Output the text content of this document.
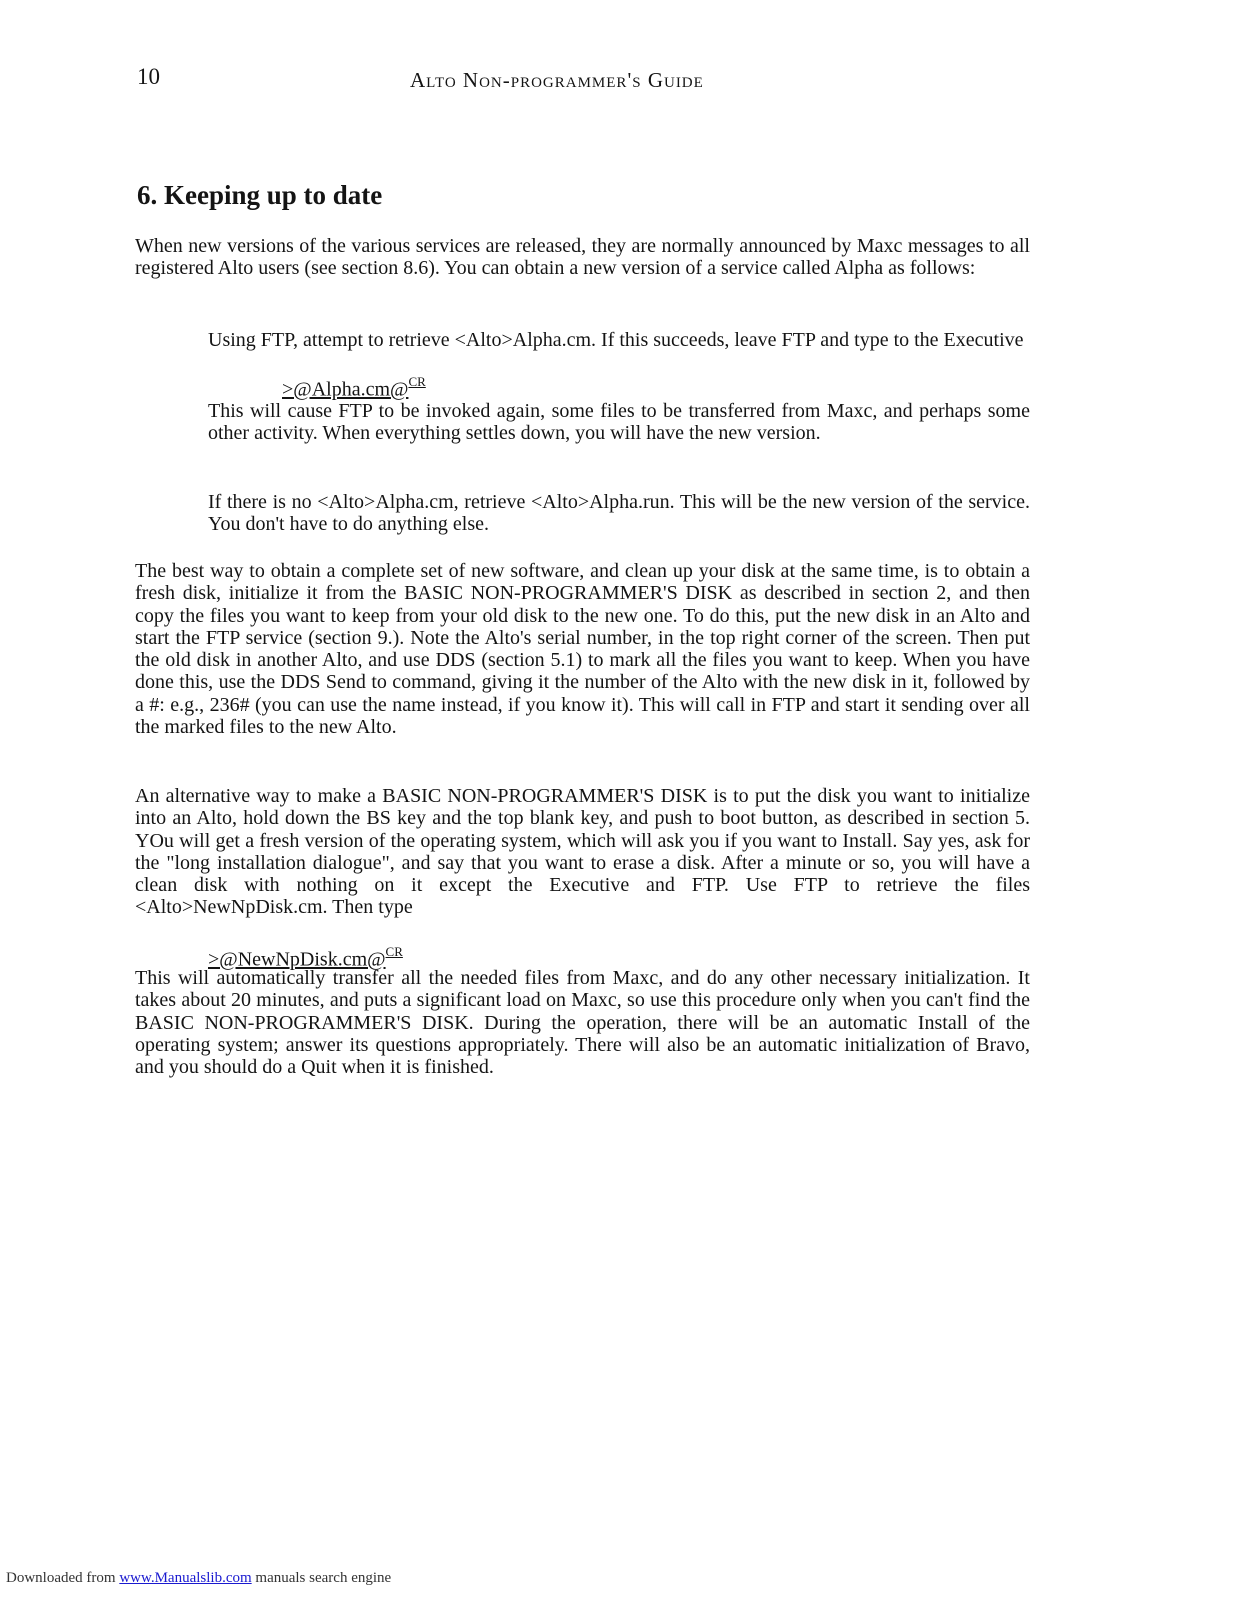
10	Alto Non-programmer's Guide
6. Keeping up to date

When new versions of the various services are released, they are normally announced by Maxc messages to all registered Alto users (see section 8.6). You can obtain a new version of a service called Alpha as follows:

Using FTP, attempt to retrieve <Alto>Alpha.cm. If this succeeds, leave FTP and type to the Executive

>@Alpha.cm@$^{CR}$

This will cause FTP to be invoked again, some files to be transferred from Maxc, and perhaps some other activity. When everything settles down, you will have the new version.

If there is no <Alto>Alpha.cm, retrieve <Alto>Alpha.run. This will be the new version of the service. You don't have to do anything else.

The best way to obtain a complete set of new software, and clean up your disk at the same time, is to obtain a fresh disk, initialize it from the BASIC NON-PROGRAMMER'S DISK as described in section 2, and then copy the files you want to keep from your old disk to the new one. To do this, put the new disk in an Alto and start the FTP service (section 9.). Note the Alto's serial number, in the top right corner of the screen. Then put the old disk in another Alto, and use DDS (section 5.1) to mark all the files you want to keep. When you have done this, use the DDS Send to command, giving it the number of the Alto with the new disk in it, followed by a #: e.g., 236# (you can use the name instead, if you know it). This will call in FTP and start it sending over all the marked files to the new Alto.

An alternative way to make a BASIC NON-PROGRAMMER'S DISK is to put the disk you want to initialize into an Alto, hold down the BS key and the top blank key, and push to boot button, as described in section 5. YOu will get a fresh version of the operating system, which will ask you if you want to Install. Say yes, ask for the "long installation dialogue", and say that you want to erase a disk. After a minute or so, you will have a clean disk with nothing on it except the Executive and FTP. Use FTP to retrieve the files <Alto>NewNpDisk.cm. Then type

>@NewNpDisk.cm@$^{CR}$

This will automatically transfer all the needed files from Maxc, and do any other necessary initialization. It takes about 20 minutes, and puts a significant load on Maxc, so use this procedure only when you can't find the BASIC NON-PROGRAMMER'S DISK. During the operation, there will be an automatic Install of the operating system; answer its questions appropriately. There will also be an automatic initialization of Bravo, and you should do a Quit when it is finished.

Downloaded from www.Manualslib.com manuals search engine
